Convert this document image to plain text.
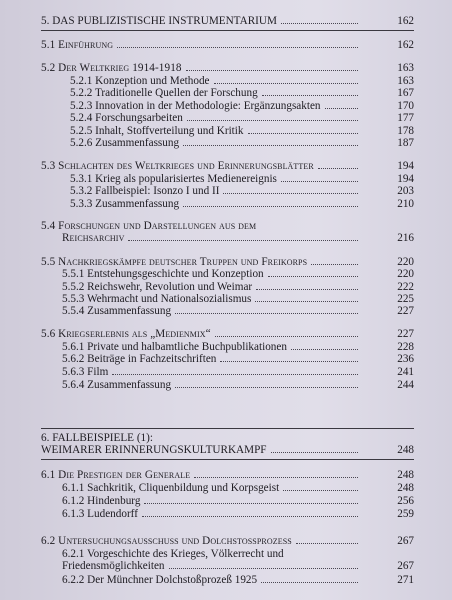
5. DAS PUBLIZISTISCHE INSTRUMENTARIUM	162
5.1 Einführung	162
5.2 Der Weltkrieg 1914-1918	163
5.2.1 Konzeption und Methode	163
5.2.2 Traditionelle Quellen der Forschung	167
5.2.3 Innovation in der Methodologie: Ergänzungsakten	170
5.2.4 Forschungsarbeiten	177
5.2.5 Inhalt, Stoffverteilung und Kritik	178
5.2.6 Zusammenfassung	187
5.3 Schlachten des Weltkrieges und Erinnerungsblätter	194
5.3.1 Krieg als popularisiertes Medienereignis	194
5.3.2 Fallbeispiel: Isonzo I und II	203
5.3.3 Zusammenfassung	210
5.4 Forschungen und Darstellungen aus dem
Reichsarchiv	216
5.5 Nachkriegskämpfe deutscher Truppen und Freikorps	220
5.5.1 Entstehungsgeschichte und Konzeption	220
5.5.2 Reichswehr, Revolution und Weimar	222
5.5.3 Wehrmacht und Nationalsozialismus	225
5.5.4 Zusammenfassung	227
5.6 Kriegserlebnis als „Medienmix“	227
5.6.1 Private und halbamtliche Buchpublikationen	228
5.6.2 Beiträge in Fachzeitschriften	236
5.6.3 Film	241
5.6.4 Zusammenfassung	244
6. FALLBEISPIELE (1):
WEIMARER ERINNERUNGSKULTURKAMPF	248
6.1 Die Prestigen der Generale	248
6.1.1 Sachkritik, Cliquenbildung und Korpsgeist	248
6.1.2 Hindenburg	256
6.1.3 Ludendorff	259
6.2 Untersuchungsausschuss und Dolchstossprozess	267
6.2.1 Vorgeschichte des Krieges, Völkerrecht und
Friedensmöglichkeiten	267
6.2.2 Der Münchner Dolchstoßprozeß 1925	271
